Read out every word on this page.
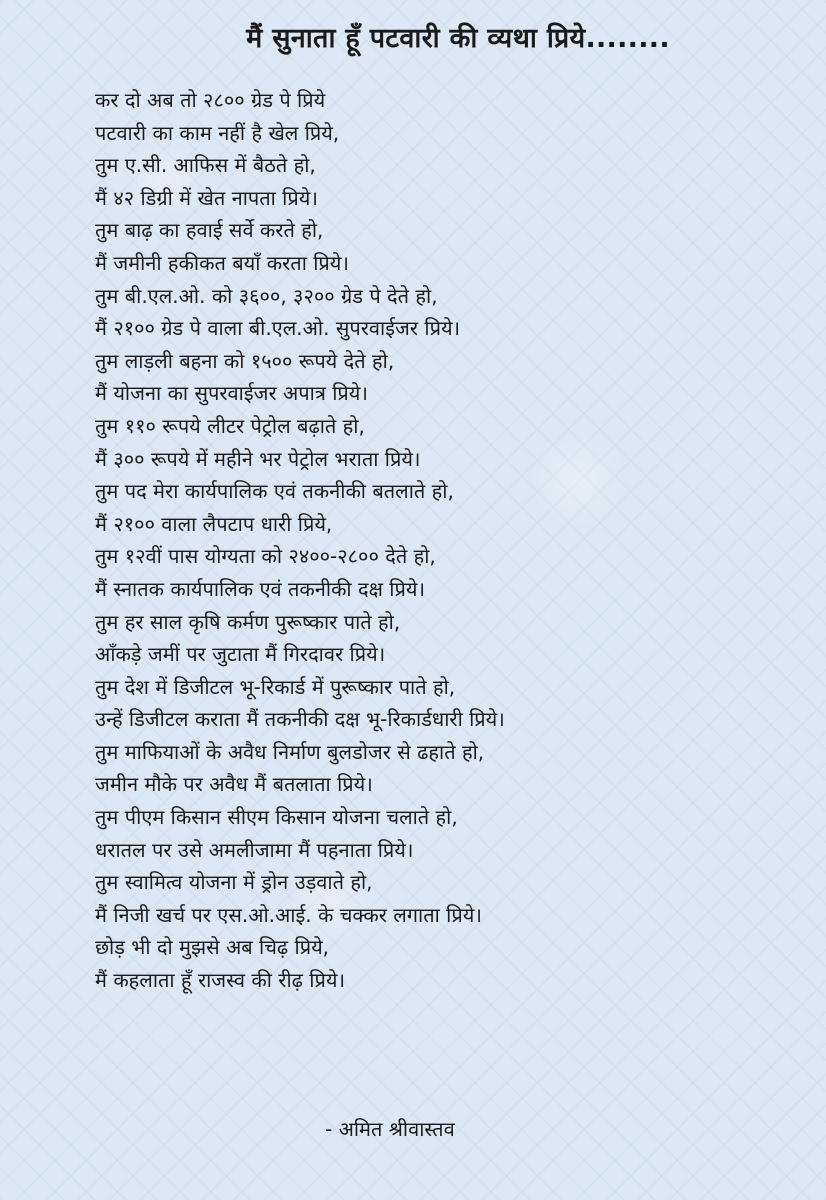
मैं सुनाता हूँ पटवारी की व्यथा प्रिये........
कर दो अब तो २८०० ग्रेड पे प्रिये
पटवारी का काम नहीं है खेल प्रिये,
तुम ए.सी. आफिस में बैठते हो,
मैं ४२ डिग्री में खेत नापता प्रिये।
तुम बाढ़ का हवाई सर्वे करते हो,
मैं जमीनी हकीकत बयाँ करता प्रिये।
तुम बी.एल.ओ. को ३६००, ३२०० ग्रेड पे देते हो,
मैं २१०० ग्रेड पे वाला बी.एल.ओ. सुपरवाईजर प्रिये।
तुम लाड़ली बहना को १५०० रूपये देते हो,
मैं योजना का सुपरवाईजर अपात्र प्रिये।
तुम ११० रूपये लीटर पेट्रोल बढ़ाते हो,
मैं ३०० रूपये में महीने भर पेट्रोल भराता प्रिये।
तुम पद मेरा कार्यपालिक एवं तकनीकी बतलाते हो,
मैं २१०० वाला लैपटाप धारी प्रिये,
तुम १२वीं पास योग्यता को २४००-२८०० देते हो,
मैं स्नातक कार्यपालिक एवं तकनीकी दक्ष प्रिये।
तुम हर साल कृषि कर्मण पुरूष्कार पाते हो,
आँकड़े जमीं पर जुटाता मैं गिरदावर प्रिये।
तुम देश में डिजीटल भू-रिकार्ड में पुरूष्कार पाते हो,
उन्हें डिजीटल कराता मैं तकनीकी दक्ष भू-रिकार्डधारी प्रिये।
तुम माफियाओं के अवैध निर्माण बुलडोजर से ढहाते हो,
जमीन मौके पर अवैध मैं बतलाता प्रिये।
तुम पीएम किसान सीएम किसान योजना चलाते हो,
धरातल पर उसे अमलीजामा मैं पहनाता प्रिये।
तुम स्वामित्व योजना में ड्रोन उड़वाते हो,
मैं निजी खर्च पर एस.ओ.आई. के चक्कर लगाता प्रिये।
छोड़ भी दो मुझसे अब चिढ़ प्रिये,
मैं कहलाता हूँ राजस्व की रीढ़ प्रिये।
- अमित श्रीवास्तव
